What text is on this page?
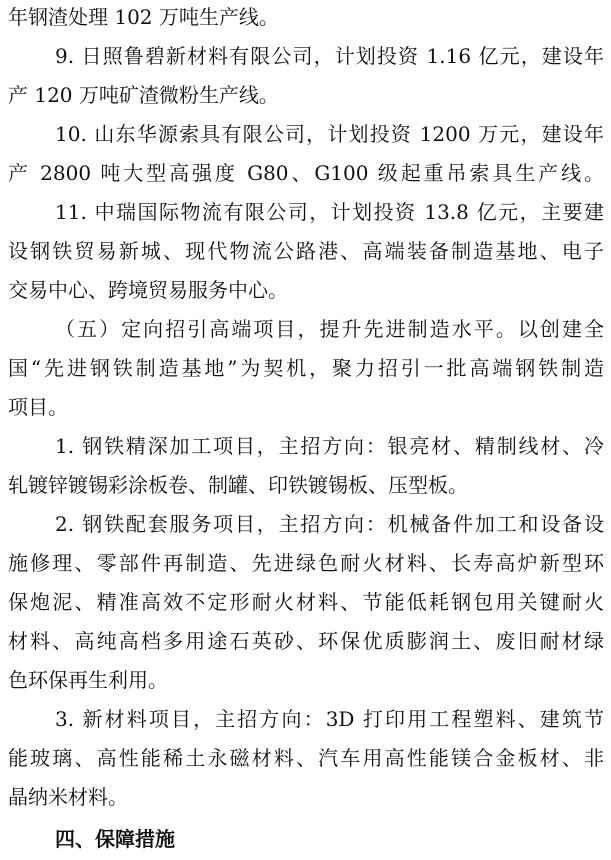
年钢渣处理 102 万吨生产线。
9. 日照鲁碧新材料有限公司，计划投资 1.16 亿元，建设年
产 120 万吨矿渣微粉生产线。
10. 山东华源索具有限公司，计划投资 1200 万元，建设年
产 2800 吨大型高强度 G80、G100 级起重吊索具生产线。
11. 中瑞国际物流有限公司，计划投资 13.8 亿元，主要建
设钢铁贸易新城、现代物流公路港、高端装备制造基地、电子
交易中心、跨境贸易服务中心。
（五）定向招引高端项目，提升先进制造水平。以创建全
国“先进钢铁制造基地”为契机，聚力招引一批高端钢铁制造
项目。
1. 钢铁精深加工项目，主招方向：银亮材、精制线材、冷
轧镀锌镀锡彩涂板卷、制罐、印铁镀锡板、压型板。
2. 钢铁配套服务项目，主招方向：机械备件加工和设备设
施修理、零部件再制造、先进绿色耐火材料、长寿高炉新型环
保炮泥、精准高效不定形耐火材料、节能低耗钢包用关键耐火
材料、高纯高档多用途石英砂、环保优质膨润土、废旧耐材绿
色环保再生利用。
3. 新材料项目，主招方向：3D 打印用工程塑料、建筑节
能玻璃、高性能稀土永磁材料、汽车用高性能镁合金板材、非
晶纳米材料。
四、保障措施
